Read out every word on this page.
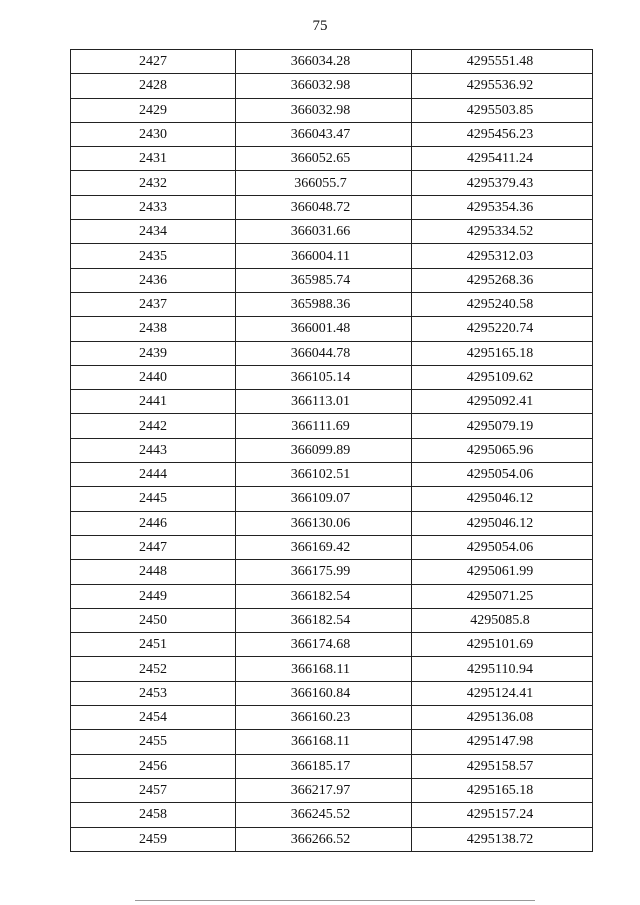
75
2427	366034.28	4295551.48
2428	366032.98	4295536.92
2429	366032.98	4295503.85
2430	366043.47	4295456.23
2431	366052.65	4295411.24
2432	366055.7	4295379.43
2433	366048.72	4295354.36
2434	366031.66	4295334.52
2435	366004.11	4295312.03
2436	365985.74	4295268.36
2437	365988.36	4295240.58
2438	366001.48	4295220.74
2439	366044.78	4295165.18
2440	366105.14	4295109.62
2441	366113.01	4295092.41
2442	366111.69	4295079.19
2443	366099.89	4295065.96
2444	366102.51	4295054.06
2445	366109.07	4295046.12
2446	366130.06	4295046.12
2447	366169.42	4295054.06
2448	366175.99	4295061.99
2449	366182.54	4295071.25
2450	366182.54	4295085.8
2451	366174.68	4295101.69
2452	366168.11	4295110.94
2453	366160.84	4295124.41
2454	366160.23	4295136.08
2455	366168.11	4295147.98
2456	366185.17	4295158.57
2457	366217.97	4295165.18
2458	366245.52	4295157.24
2459	366266.52	4295138.72
